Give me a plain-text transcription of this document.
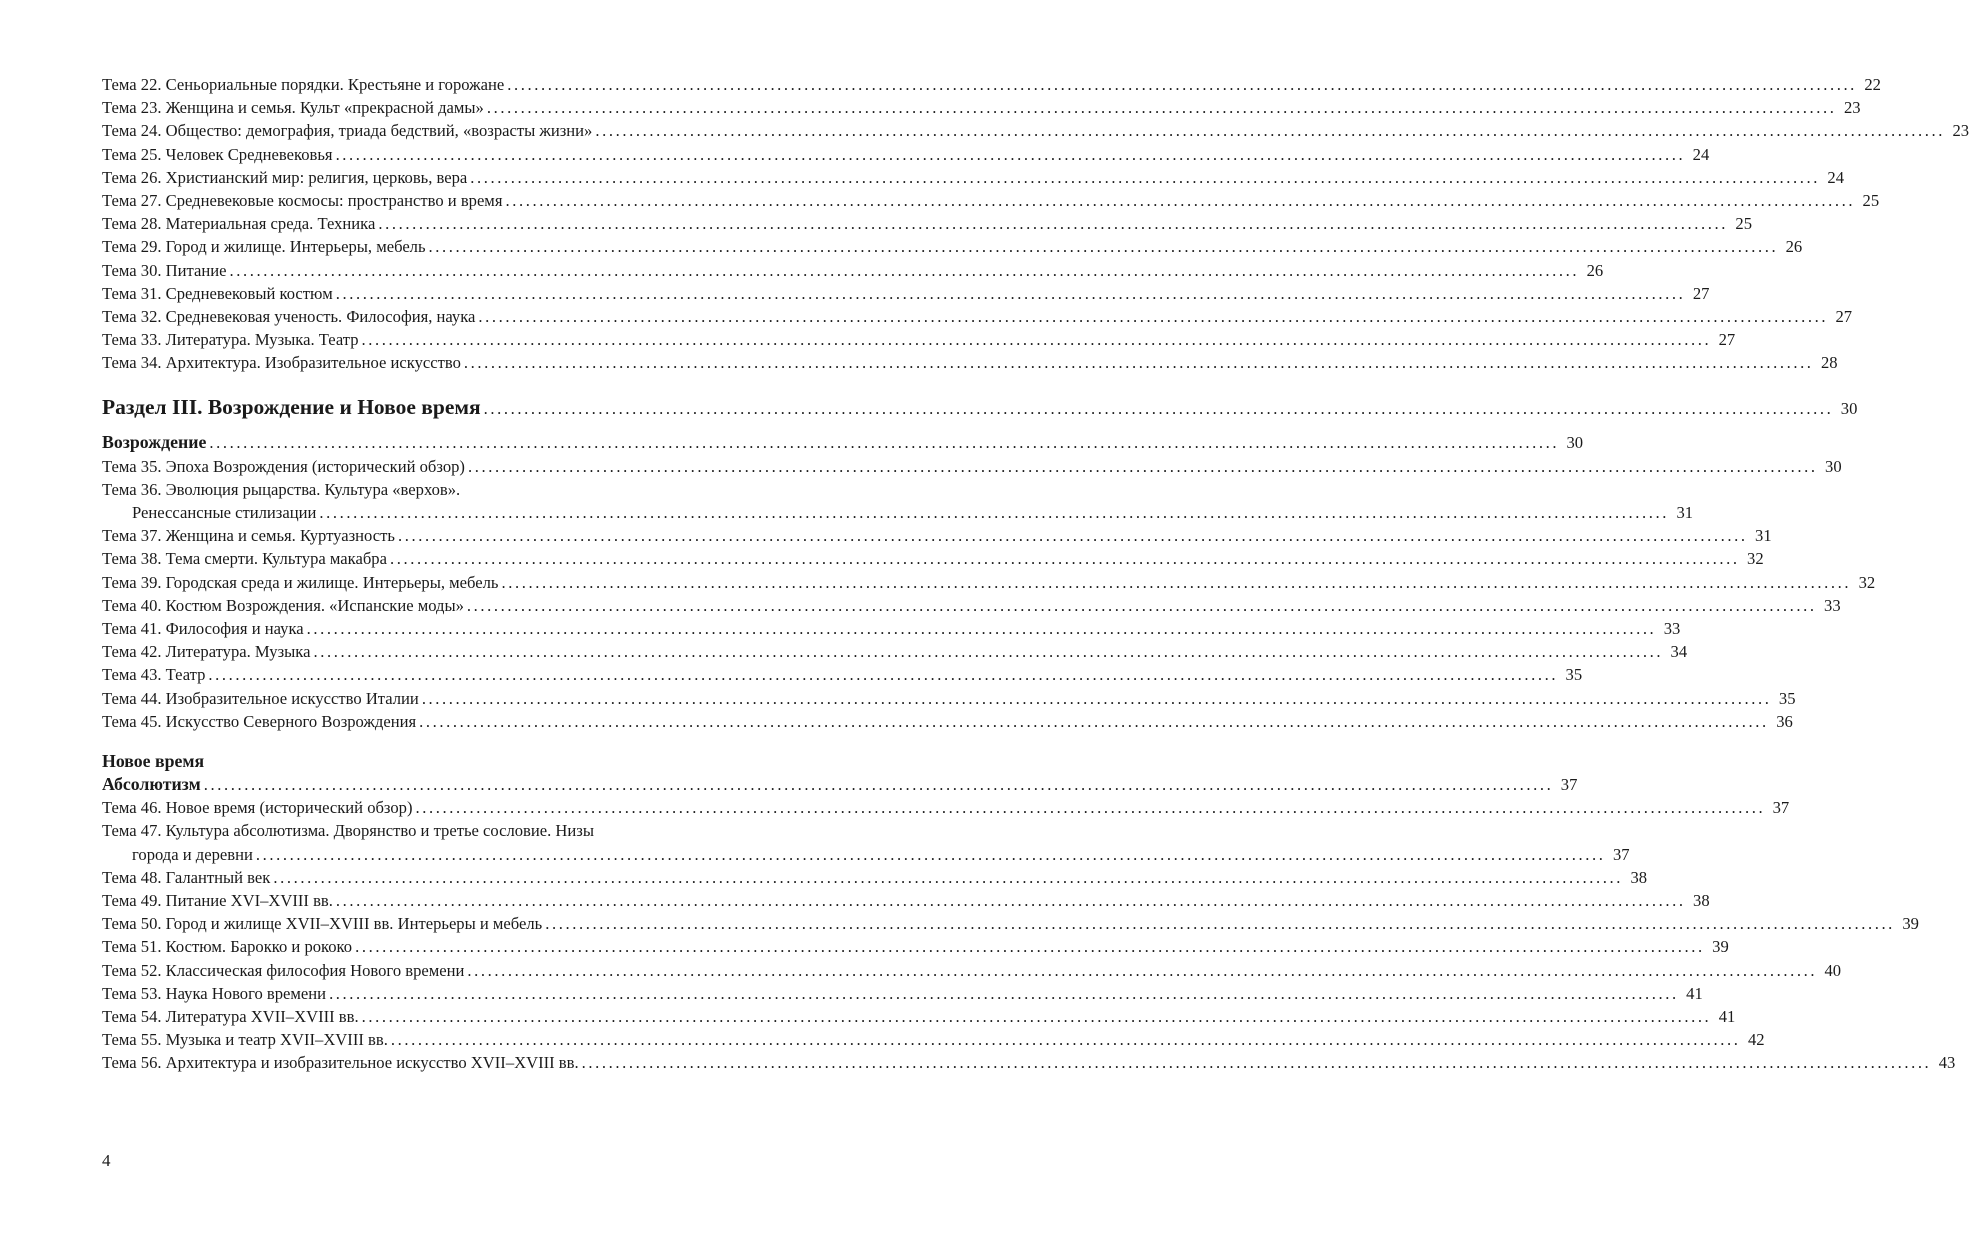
Тема 22. Сеньориальные порядки. Крестьяне и горожане ........................................................................................................................................................................................................ 22
Тема 23. Женщина и семья. Культ «прекрасной дамы» ........................................................................................................................................................................................................ 23
Тема 24. Общество: демография, триада бедствий, «возрасты жизни» ........................................................................................................................................................................................................ 23
Тема 25. Человек Средневековья ........................................................................................................................................................................................................ 24
Тема 26. Христианский мир: религия, церковь, вера ........................................................................................................................................................................................................ 24
Тема 27. Средневековые космосы: пространство и время ........................................................................................................................................................................................................ 25
Тема 28. Материальная среда. Техника ........................................................................................................................................................................................................ 25
Тема 29. Город и жилище. Интерьеры, мебель ........................................................................................................................................................................................................ 26
Тема 30. Питание ........................................................................................................................................................................................................ 26
Тема 31. Средневековый костюм ........................................................................................................................................................................................................ 27
Тема 32. Средневековая ученость. Философия, наука ........................................................................................................................................................................................................ 27
Тема 33. Литература. Музыка. Театр ........................................................................................................................................................................................................ 27
Тема 34. Архитектура. Изобразительное искусство ........................................................................................................................................................................................................ 28
Раздел III. Возрождение и Новое время ........................................................................................................................................................................................................ 30
Возрождение ........................................................................................................................................................................................................ 30
Тема 35. Эпоха Возрождения (исторический обзор) ........................................................................................................................................................................................................ 30
Тема 36. Эволюция рыцарства. Культура «верхов».
Ренессансные стилизации ........................................................................................................................................................................................................ 31
Тема 37. Женщина и семья. Куртуазность ........................................................................................................................................................................................................ 31
Тема 38. Тема смерти. Культура макабра ........................................................................................................................................................................................................ 32
Тема 39. Городская среда и жилище. Интерьеры, мебель ........................................................................................................................................................................................................ 32
Тема 40. Костюм Возрождения. «Испанские моды» ........................................................................................................................................................................................................ 33
Тема 41. Философия и наука ........................................................................................................................................................................................................ 33
Тема 42. Литература. Музыка ........................................................................................................................................................................................................ 34
Тема 43. Театр ........................................................................................................................................................................................................ 35
Тема 44. Изобразительное искусство Италии ........................................................................................................................................................................................................ 35
Тема 45. Искусство Северного Возрождения ........................................................................................................................................................................................................ 36
Новое время
Абсолютизм ........................................................................................................................................................................................................ 37
Тема 46. Новое время (исторический обзор) ........................................................................................................................................................................................................ 37
Тема 47. Культура абсолютизма. Дворянство и третье сословие. Низы
города и деревни ........................................................................................................................................................................................................ 37
Тема 48. Галантный век ........................................................................................................................................................................................................ 38
Тема 49. Питание XVI–XVIII вв. ........................................................................................................................................................................................................ 38
Тема 50. Город и жилище XVII–XVIII вв. Интерьеры и мебель ........................................................................................................................................................................................................ 39
Тема 51. Костюм. Барокко и рококо ........................................................................................................................................................................................................ 39
Тема 52. Классическая философия Нового времени ........................................................................................................................................................................................................ 40
Тема 53. Наука Нового времени ........................................................................................................................................................................................................ 41
Тема 54. Литература XVII–XVIII вв. ........................................................................................................................................................................................................ 41
Тема 55. Музыка и театр XVII–XVIII вв. ........................................................................................................................................................................................................ 42
Тема 56. Архитектура и изобразительное искусство XVII–XVIII вв. ........................................................................................................................................................................................................ 43
4
